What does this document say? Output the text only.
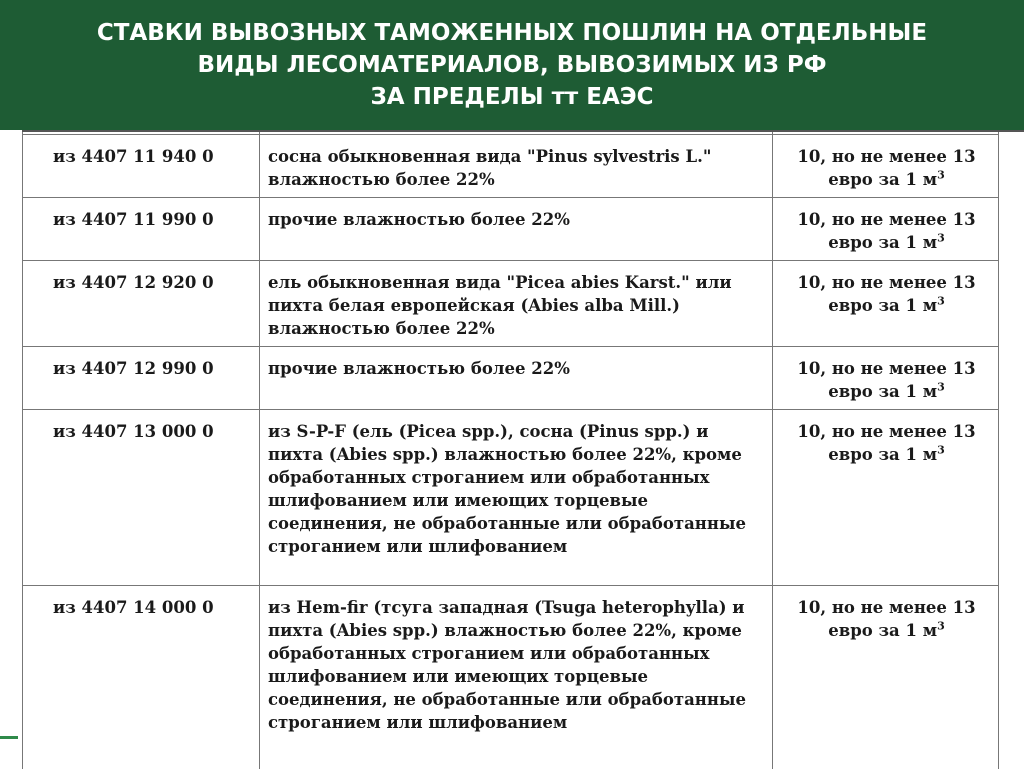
СТАВКИ ВЫВОЗНЫХ ТАМОЖЕННЫХ ПОШЛИН НА ОТДЕЛЬНЫЕ
ВИДЫ ЛЕСОМАТЕРИАЛОВ, ВЫВОЗИМЫХ ИЗ РФ
ЗА ПРЕДЕЛЫ тт ЕАЭС

из 4407 11 940 0	сосна обыкновенная вида "Pinus sylvestris L." влажностью более 22%	10, но не менее 13
евро за 1 $м^3$

из 4407 11 990 0	прочие влажностью более 22%	10, но не менее 13
евро за 1 $м^3$

из 4407 12 920 0	ель обыкновенная вида "Picea abies Karst." или пихта белая европейская (Abies alba Mill.) влажностью более 22%	10, но не менее 13
евро за 1 $м^3$

из 4407 12 990 0	прочие влажностью более 22%	10, но не менее 13
евро за 1 $м^3$

из 4407 13 000 0	из S-P-F (ель (Picea spp.), сосна (Pinus spp.) и пихта (Abies spp.) влажностью более 22%, кроме обработанных строганием или обработанных шлифованием или имеющих торцевые соединения, не обработанные или обработанные строганием или шлифованием	10, но не менее 13
евро за 1 $м^3$

из 4407 14 000 0	из Hem-fir (тсуга западная (Tsuga heterophylla) и пихта (Abies spp.) влажностью более 22%, кроме обработанных строганием или обработанных шлифованием или имеющих торцевые соединения, не обработанные или обработанные строганием или шлифованием	10, но не менее 13
евро за 1 $м^3$
